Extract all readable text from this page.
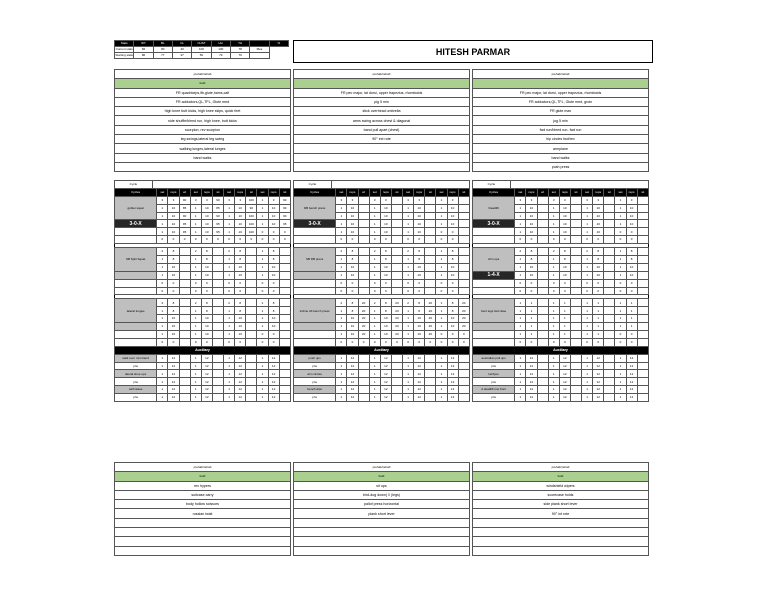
Stats	WT	BL	CL	CHST	Hvr	TH		%
Current stats	82	80	40	100	100	78	Mes	
Starting stats	86	77	37	50	79	79			HITESH PARMAR
prehab/rehab
bold
FR quadriceps,ifb,glute,hams,calf
FR adductors,QL,TFL, Glute med
high knee butt kicks, high knee skips, quick feet
side shuffle/bleed run, high knee, butt kicks
scorpion, rev scorpion
leg swings,lateral leg swing
walking lunges,lateral lunges
band walks

prehab/rehab

FR pec major, lat dorsi, upper trapezius, rhomboids
pig 5 min
stick overhead umbrella
arms swing across chest & diagonal
band pull apart (chest)
90° ext rote

prehab/rehab

FR pec major, lat dorsi, upper trapezius, rhomboids
FR adductors,QL,TFL, Glute med, groin
FR glute max
jog 5 min
fwd run/bleed run- fwd run
hip circles fwd/rev
armplane
band walks
push press
Cycle													
Cycles		set	reps	wt	set	reps	wt	set	reps	wt	set	reps	wt
goblet squat		3	3	90	3	3	90	3	3	100	1	3	90
		1	10	85	1	10	85	1	10	90	1	10	90
		1	10	90	1	10	90	1	10	100	1	10	90
3-0-X		1	10	95	1	10	95	1	10	100	1	10	95
		1	10	95	1	10	95	1	10	100	0	0	0
		0	0	0	0	0	0	0	0	0	0	0	0

SB Split Squat		2	8		2	8		2	8		1	8	
		1	8		1	8		1	8		1	8	
		1	10		1	10		1	10		1	10	
		1	10		1	10		1	10		1	10	
		0	0		0	0		0	0		0	0	
		0	0		0	0		0	0		0	0	

lateral lunges		2	8		2	8		2	8		1	8	
		1	8		1	8		1	8		1	8	
		1	10		1	10		1	10		1	10	
		1	10		1	10		1	10		1	10	
		1	10		1	10		1	10		0	0	
		0	0		0	0		0	0		0	0	
Auxiliary													
walk over mini band		1	12		1	12		1	12		1	12	
p/w		1	12		1	12		1	12		1	12	
lateral shoe ups		1	12		1	12		1	12		1	12	
p/w		1	12		1	12		1	12		1	12	
calf raises		1	12		1	12		1	12		1	12	
p/w		1	12		1	12		1	12		1	12	
Cycle													
Cycles		set	reps	wt	set	reps	wt	set	reps	wt	set	reps	wt
DB bench press		3	3		3	3		3	3		1	3	
		1	10		1	10		1	10		1	10	
		1	10		1	10		1	10		1	10	
3-0-X		1	10		1	10		1	10		1	10	
		1	10		1	10		1	10		0	0	
		0	0		0	0		0	0		0	0	

SB DB press		2	8		2	8		2	8		1	8	
		1	8		1	8		1	8		1	8	
		1	10		1	10		1	10		1	10	
		1	10		1	10		1	10		1	10	
		0	0		0	0		0	0		0	0	
		0	0		0	0		0	0		0	0	

incline db bench press		2	8	20	2	8	20	2	8	20	1	8	20
		1	8	20	1	8	20	1	8	20	1	8	20
		1	10	20	1	10	20	1	10	20	1	10	20
		1	10	20	1	10	20	1	10	20	1	10	20
		1	10	20	1	10	20	1	10	20	0	0	0
		0	0	0	0	0	0	0	0	0	0	0	0
Auxiliary													
push ups		1	12		1	12		1	12		1	12	
p/w		1	12		1	12		1	12		1	12	
arm circles		1	12		1	12		1	12		1	12	
p/w		1	12		1	12		1	12		1	12	
bench dips		1	12		1	12		1	12		1	12	
p/w		1	12		1	12		1	12		1	12	
Cycle													
Cycles		set	reps	wt	set	reps	wt	set	reps	wt	set	reps	wt
Deadlift		3	3		3	3		3	3		1	3	
		1	10		1	10		1	10		1	10	
		1	10		1	10		1	10		1	10	
3-0-X		1	10		1	10		1	10		1	10	
		1	10		1	10		1	10		0	0	
		0	0		0	0		0	0		0	0	

chin ups		2	8		2	8		2	8		1	8	
		1	8		1	8		1	8		1	8	
		1	10		1	10		1	10		1	10	
1-4-X		1	10		1	10		1	10		1	10	
		0	0		0	0		0	0		0	0	
		0	0		0	0		0	0		0	0	

bent legs fwd raise		1	1		1	1		1	1		1	1	
		1	1		1	1		1	1		1	1	
		1	1		1	1		1	1		1	1	
		1	1		1	1		1	1		1	1	
		1	1		1	1		1	1		0	0	
		0	0		0	0		0	0		0	0	
Auxiliary													
australian pull ups		1	12		1	12		1	12		1	12	
p/w		1	12		1	12		1	12		1	12	
lat flyes		1	12		1	12		1	12		1	12	
p/w		1	12		1	12		1	12		1	12	
d deadlift row front		1	12		1	12		1	12		1	12	
p/w		1	12		1	12		1	12		1	12	
prehab/rehab
bold
rev hypers
suitcase carry
body hollow scissors
russian twist

prehab/rehab
bold
sit ups
bird-dog down( // (legs)
pallof press horizontal
plank short lever

prehab/rehab
bold
windshield wipers
scorecase holds
side plank short lever
90° int rote
